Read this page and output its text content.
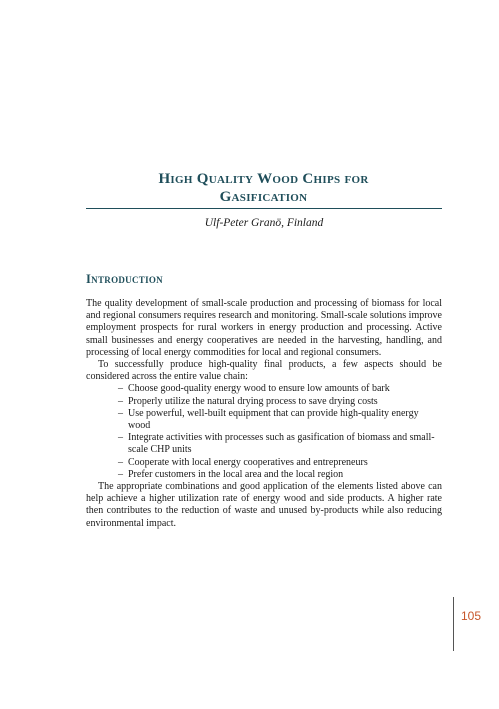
High Quality Wood Chips for
Gasification

Ulf-Peter Granö, Finland

Introduction

The quality development of small-scale production and processing of biomass for local and regional consumers requires research and monitoring. Small-scale solutions improve employment prospects for rural workers in energy production and processing. Active small businesses and energy cooperatives are needed in the harvesting, handling, and processing of local energy commodities for local and regional consumers.

To successfully produce high-quality final products, a few aspects should be considered across the entire value chain:

– Choose good-quality energy wood to ensure low amounts of bark
– Properly utilize the natural drying process to save drying costs
– Use powerful, well-built equipment that can provide high-quality energy wood
– Integrate activities with processes such as gasification of biomass and small-scale CHP units
– Cooperate with local energy cooperatives and entrepreneurs
– Prefer customers in the local area and the local region

The appropriate combinations and good application of the elements listed above can help achieve a higher utilization rate of energy wood and side products. A higher rate then contributes to the reduction of waste and unused by-products while also reducing environmental impact.

105
